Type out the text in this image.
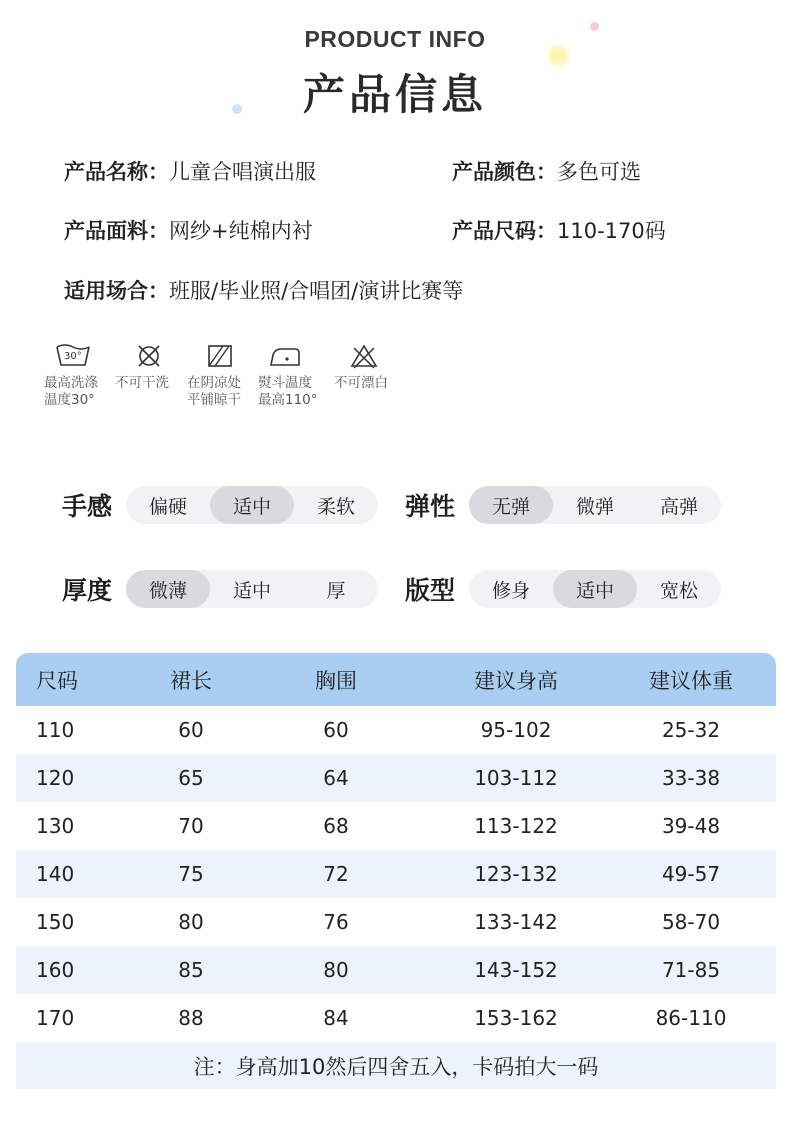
PRODUCT INFO
产品信息
产品名称：儿童合唱演出服	产品颜色：多色可选
产品面料：网纱+纯棉内衬	产品尺码：110-170码
适用场合：班服/毕业照/合唱团/演讲比赛等
30°
最高洗涤
温度30°
不可干洗	在阴凉处
平铺晾干
熨斗温度
最高110°
不可漂白

手感	偏硬	适中	柔软	弹性	无弹	微弹	高弹
厚度	微薄	适中	厚	版型	修身	适中	宽松
尺码	裙长	胸围	建议身高	建议体重
110	60	60	95-102	25-32
120	65	64	103-112	33-38
130	70	68	113-122	39-48
140	75	72	123-132	49-57
150	80	76	133-142	58-70
160	85	80	143-152	71-85
170	88	84	153-162	86-110
注：身高加10然后四舍五入，卡码拍大一码
